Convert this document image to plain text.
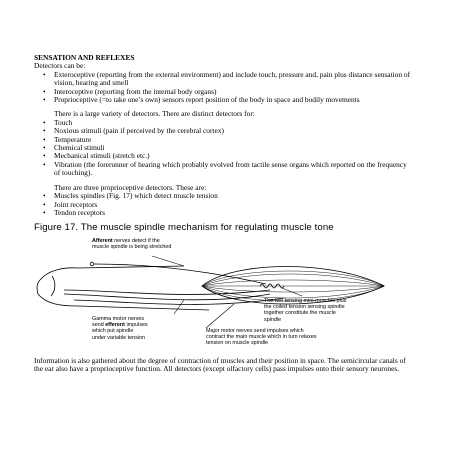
SENSATION AND REFLEXES
Detectors can be:
• Exteroceptive (reporting from the external environment) and include touch, pressure and, pain plus distance sensation of vision, hearing and smell
• Interoceptive (reporting from the internal body organs)
• Proprioceptive (=to take one’s own) sensors report position of the body in space and bodily movements
There is a large variety of detectors. There are distinct detectors for:
• Touch
• Noxious stimuli (pain if perceived by the cerebral cortex)
• Temperature
• Chemical stimuli
• Mechanical stimuli (stretch etc.)
• Vibration (the forerunner of hearing which probably evolved from tactile sense organs which reported on the frequency of touching).
There are three proprioceptive detectors. These are:
• Muscles spindles (Fig. 17) which detect muscle tension
• Joint receptors
• Tendon receptors
Figure 17. The muscle spindle mechanism for regulating muscle tone
Afferent nerves detect if the
muscle spindle is being stretched
The two tensing mini-muscles plus
the coiled tension sensing spindle
together constitute the muscle
spindle
Gamma motor nerves
send efferent impulses
which put spindle
under variable tension
Major motor nerves send impulses which
contract the main muscle which in turn relaxes
tension on muscle spindle
Information is also gathered about the degree of contraction of muscles and their position in space. The semicircular canals of the ear also have a proprioceptive function. All detectors (except olfactory cells) pass impulses onto their sensory neurones.
